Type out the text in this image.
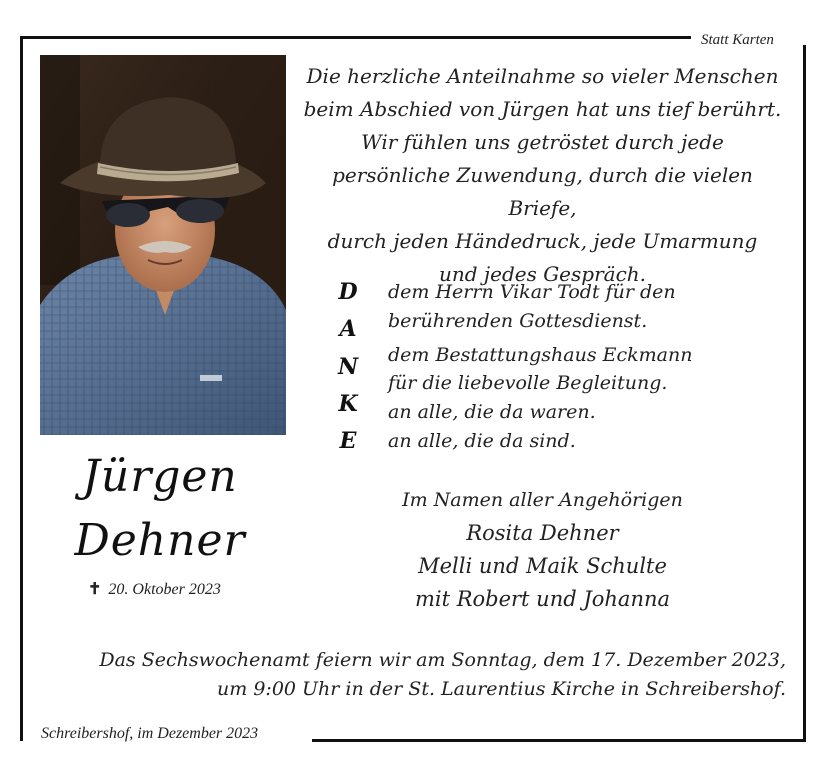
Statt Karten
Jürgen
Dehner
✝ 20. Oktober 2023
Die herzliche Anteilnahme so vieler Menschen
beim Abschied von Jürgen hat uns tief berührt.
Wir fühlen uns getröstet durch jede
persönliche Zuwendung, durch die vielen Briefe,
durch jeden Händedruck, jede Umarmung
und jedes Gespräch.
D
A
N
K
E
dem Herrn Vikar Todt für den
berührenden Gottesdienst.
dem Bestattungshaus Eckmann
für die liebevolle Begleitung.
an alle, die da waren.
an alle, die da sind.
Im Namen aller Angehörigen
Rosita Dehner
Melli und Maik Schulte
mit Robert und Johanna
Das Sechswochenamt feiern wir am Sonntag, dem 17. Dezember 2023,
um 9:00 Uhr in der St. Laurentius Kirche in Schreibershof.
Schreibershof, im Dezember 2023
